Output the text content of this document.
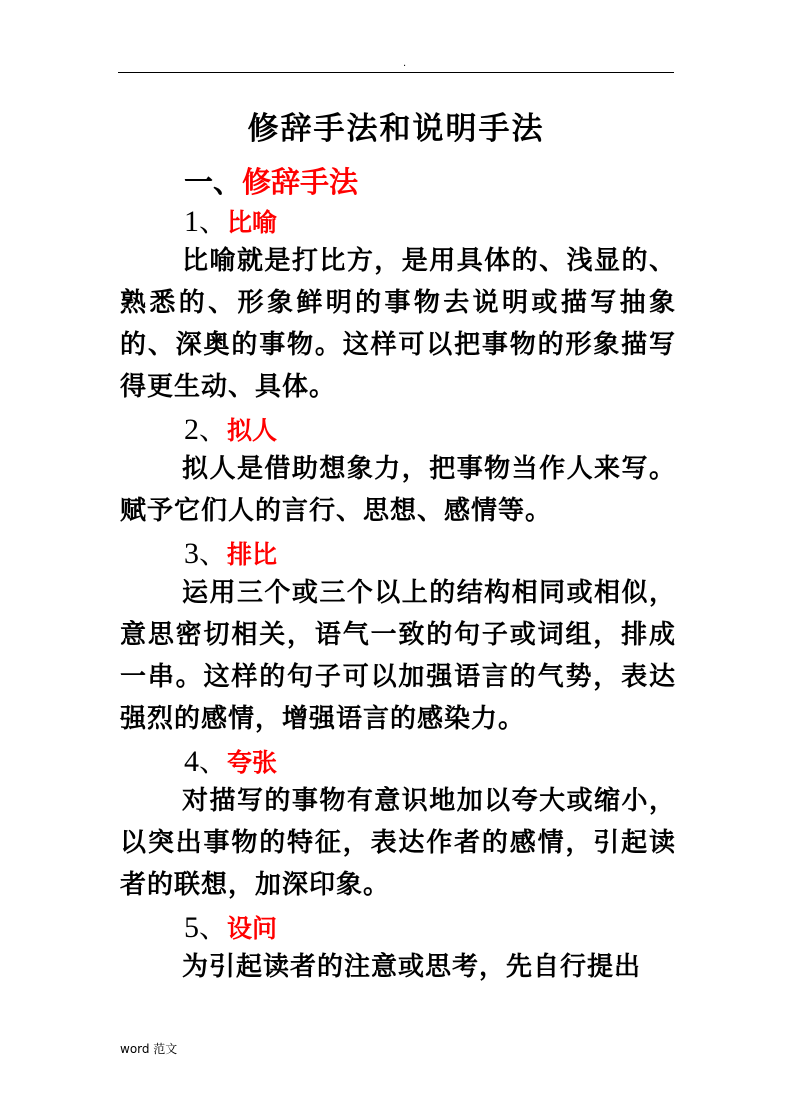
.
修辞手法和说明手法
一、修辞手法
1、比喻
比喻就是打比方，是用具体的、浅显的、熟悉的、形象鲜明的事物去说明或描写抽象的、深奥的事物。这样可以把事物的形象描写得更生动、具体。
2、拟人
拟人是借助想象力，把事物当作人来写。赋予它们人的言行、思想、感情等。
3、排比
运用三个或三个以上的结构相同或相似，意思密切相关，语气一致的句子或词组，排成一串。这样的句子可以加强语言的气势，表达强烈的感情，增强语言的感染力。
4、夸张
对描写的事物有意识地加以夸大或缩小，以突出事物的特征，表达作者的感情，引起读者的联想，加深印象。
5、设问
为引起读者的注意或思考，先自行提出
word 范文
